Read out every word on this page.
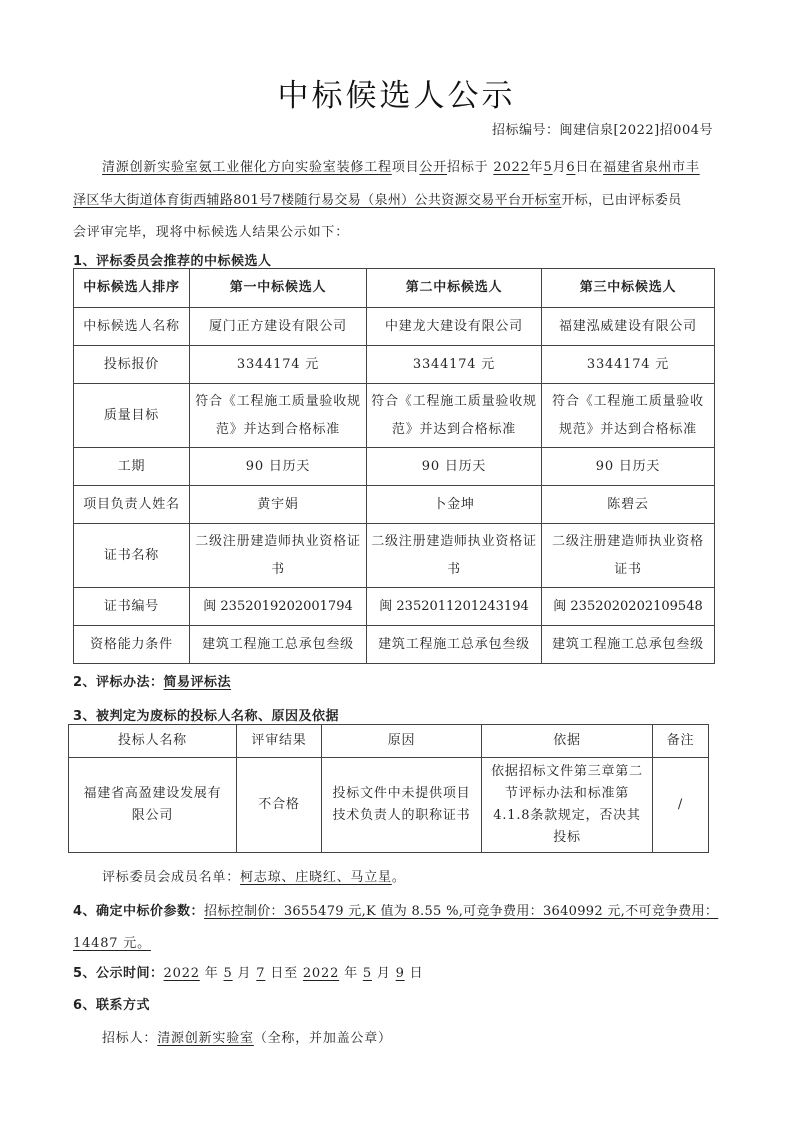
中标候选人公示
招标编号：闽建信泉[2022]招004号
清源创新实验室氨工业催化方向实验室装修工程项目公开招标于 2022年5月6日在福建省泉州市丰
泽区华大街道体育街西辅路801号7楼随行易交易（泉州）公共资源交易平台开标室开标，已由评标委员
会评审完毕，现将中标候选人结果公示如下：
1、评标委员会推荐的中标候选人
中标候选人排序	第一中标候选人	第二中标候选人	第三中标候选人
中标候选人名称	厦门正方建设有限公司	中建龙大建设有限公司	福建泓威建设有限公司
投标报价	3344174 元	3344174 元	3344174 元
质量目标	符合《工程施工质量验收规范》并达到合格标准	符合《工程施工质量验收规范》并达到合格标准	符合《工程施工质量验收规范》并达到合格标准
工期	90 日历天	90 日历天	90 日历天
项目负责人姓名	黄宇娟	卜金坤	陈碧云
证书名称	二级注册建造师执业资格证书	二级注册建造师执业资格证书	二级注册建造师执业资格证书
证书编号	闽 2352019202001794	闽 2352011201243194	闽 2352020202109548
资格能力条件	建筑工程施工总承包叁级	建筑工程施工总承包叁级	建筑工程施工总承包叁级
2、评标办法：简易评标法
3、被判定为废标的投标人名称、原因及依据
投标人名称	评审结果	原因	依据	备注
福建省高盈建设发展有限公司	不合格	投标文件中未提供项目技术负责人的职称证书	依据招标文件第三章第二节评标办法和标准第4.1.8条款规定，否决其投标	/
评标委员会成员名单：柯志琼、庄晓红、马立星。
4、确定中标价参数：招标控制价：3655479 元,K 值为 8.55 %,可竞争费用：3640992 元,不可竞争费用：
14487 元。
5、公示时间：2022 年 5 月 7 日至 2022 年 5 月 9 日
6、联系方式
招标人：清源创新实验室（全称，并加盖公章）
